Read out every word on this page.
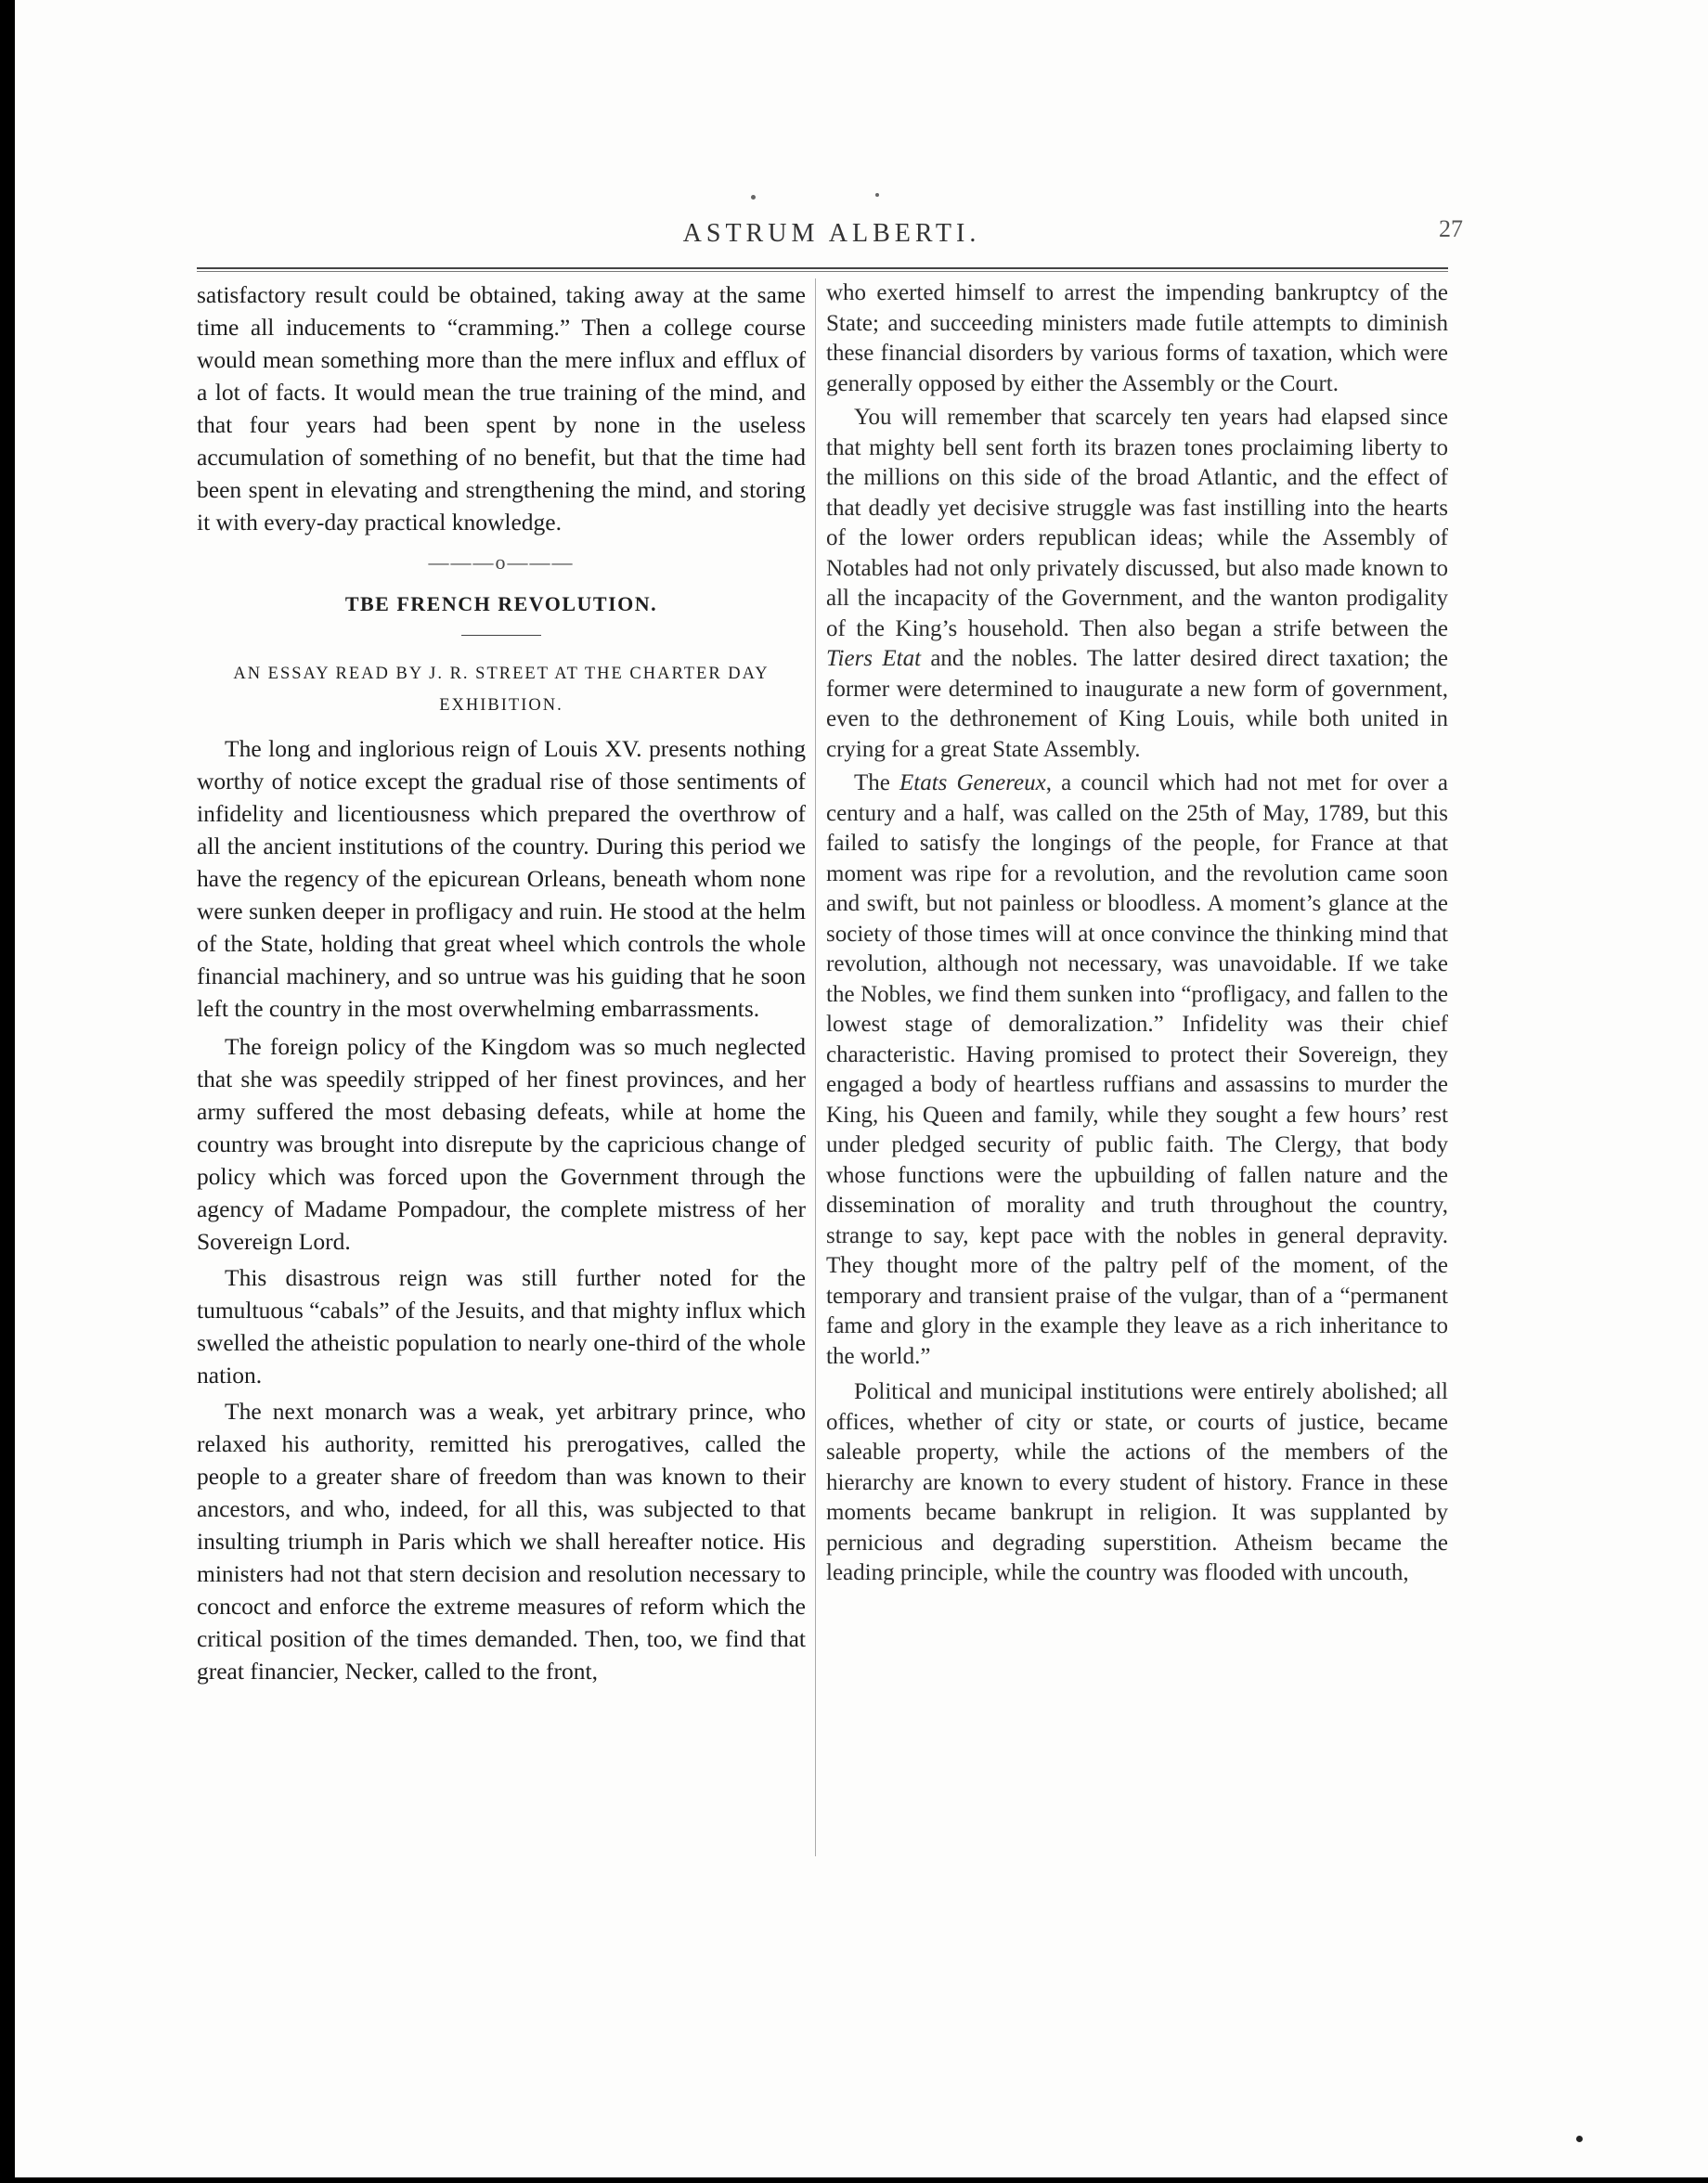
ASTRUM ALBERTI.	27

satisfactory result could be obtained, taking away at the same time all inducements to “cramming.” Then a college course would mean something more than the mere influx and efflux of a lot of facts. It would mean the true training of the mind, and that four years had been spent by none in the useless accumulation of something of no benefit, but that the time had been spent in elevating and strengthening the mind, and storing it with every-day practical knowledge.

———o———
TBE FRENCH REVOLUTION.
AN ESSAY READ BY J. R. STREET AT THE CHARTER DAY EXHIBITION.

The long and inglorious reign of Louis XV. presents nothing worthy of notice except the gradual rise of those sentiments of infidelity and licentiousness which prepared the overthrow of all the ancient institutions of the country. During this period we have the regency of the epicurean Orleans, beneath whom none were sunken deeper in profligacy and ruin. He stood at the helm of the State, holding that great wheel which controls the whole financial machinery, and so untrue was his guiding that he soon left the country in the most overwhelming embarrassments.

The foreign policy of the Kingdom was so much neglected that she was speedily stripped of her finest provinces, and her army suffered the most debasing defeats, while at home the country was brought into disrepute by the capricious change of policy which was forced upon the Government through the agency of Madame Pompadour, the complete mistress of her Sovereign Lord.

This disastrous reign was still further noted for the tumultuous “cabals” of the Jesuits, and that mighty influx which swelled the atheistic population to nearly one-third of the whole nation.

The next monarch was a weak, yet arbitrary prince, who relaxed his authority, remitted his prerogatives, called the people to a greater share of freedom than was known to their ancestors, and who, indeed, for all this, was subjected to that insulting triumph in Paris which we shall hereafter notice. His ministers had not that stern decision and resolution necessary to concoct and enforce the extreme measures of reform which the critical position of the times demanded. Then, too, we find that great financier, Necker, called to the front,

who exerted himself to arrest the impending bankruptcy of the State; and succeeding ministers made futile attempts to diminish these financial disorders by various forms of taxation, which were generally opposed by either the Assembly or the Court.

You will remember that scarcely ten years had elapsed since that mighty bell sent forth its brazen tones proclaiming liberty to the millions on this side of the broad Atlantic, and the effect of that deadly yet decisive struggle was fast instilling into the hearts of the lower orders republican ideas; while the Assembly of Notables had not only privately discussed, but also made known to all the incapacity of the Government, and the wanton prodigality of the King’s household. Then also began a strife between the Tiers Etat and the nobles. The latter desired direct taxation; the former were determined to inaugurate a new form of government, even to the dethronement of King Louis, while both united in crying for a great State Assembly.

The Etats Genereux, a council which had not met for over a century and a half, was called on the 25th of May, 1789, but this failed to satisfy the longings of the people, for France at that moment was ripe for a revolution, and the revolution came soon and swift, but not painless or bloodless. A moment’s glance at the society of those times will at once convince the thinking mind that revolution, although not necessary, was unavoidable. If we take the Nobles, we find them sunken into “profligacy, and fallen to the lowest stage of demoralization.” Infidelity was their chief characteristic. Having promised to protect their Sovereign, they engaged a body of heartless ruffians and assassins to murder the King, his Queen and family, while they sought a few hours’ rest under pledged security of public faith. The Clergy, that body whose functions were the upbuilding of fallen nature and the dissemination of morality and truth throughout the country, strange to say, kept pace with the nobles in general depravity. They thought more of the paltry pelf of the moment, of the temporary and transient praise of the vulgar, than of a “permanent fame and glory in the example they leave as a rich inheritance to the world.”

Political and municipal institutions were entirely abolished; all offices, whether of city or state, or courts of justice, became saleable property, while the actions of the members of the hierarchy are known to every student of history. France in these moments became bankrupt in religion. It was supplanted by pernicious and degrading superstition. Atheism became the leading principle, while the country was flooded with uncouth,
